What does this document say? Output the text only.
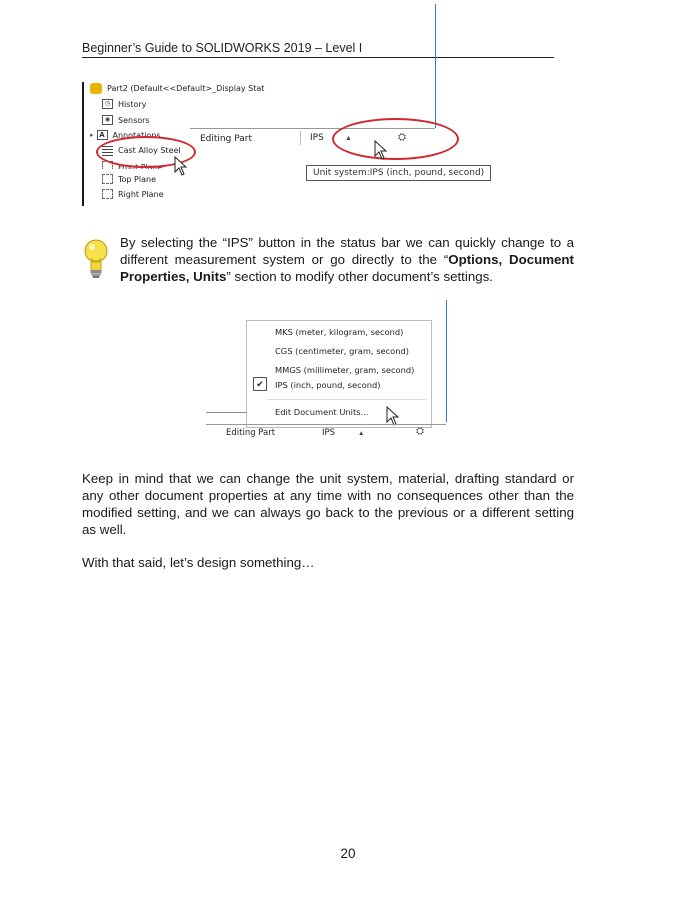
Beginner’s Guide to SOLIDWORKS 2019 – Level I
Part2 (Default<<Default>_Display Stat
◷ History
◉ Sensors
▸ A Annotations
Cast Alloy Steel
Front Plane
Top Plane
Right Plane
Editing Part	IPS	▲	⛭
Unit system:IPS (inch, pound, second)
By selecting the “IPS” button in the status bar we can quickly change to a different measurement system or go directly to the “Options, Document Properties, Units” section to modify other document’s settings.
MKS (meter, kilogram, second)
CGS (centimeter, gram, second)
MMGS (millimeter, gram, second)
✔	IPS (inch, pound, second)
Edit Document Units...
Editing Part	IPS	▲	⛭
Keep in mind that we can change the unit system, material, drafting standard or any other document properties at any time with no consequences other than the modified setting, and we can always go back to the previous or a different setting as well.
With that said, let’s design something…
20
